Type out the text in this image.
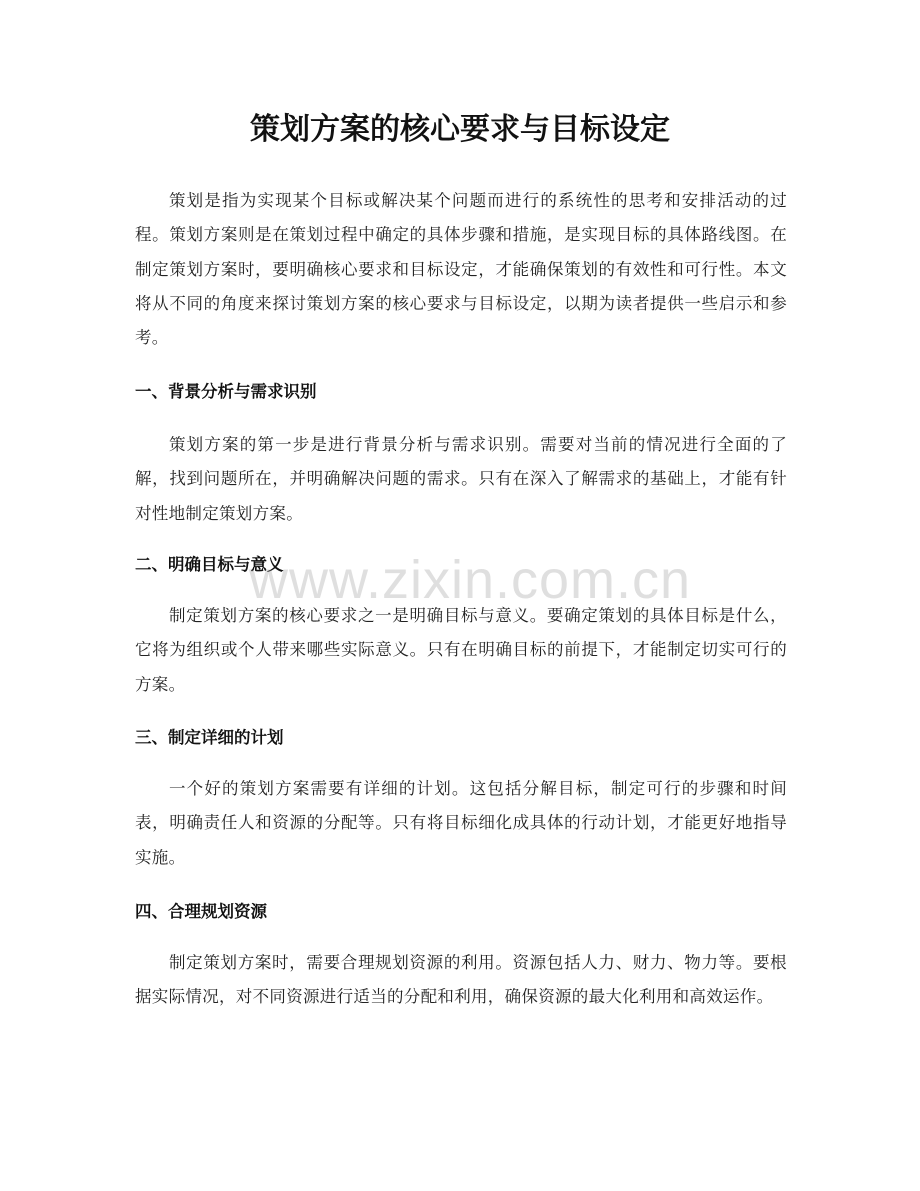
策划方案的核心要求与目标设定

策划是指为实现某个目标或解决某个问题而进行的系统性的思考和安排活动的过程。策划方案则是在策划过程中确定的具体步骤和措施，是实现目标的具体路线图。在制定策划方案时，要明确核心要求和目标设定，才能确保策划的有效性和可行性。本文将从不同的角度来探讨策划方案的核心要求与目标设定，以期为读者提供一些启示和参考。

一、背景分析与需求识别

策划方案的第一步是进行背景分析与需求识别。需要对当前的情况进行全面的了解，找到问题所在，并明确解决问题的需求。只有在深入了解需求的基础上，才能有针对性地制定策划方案。

二、明确目标与意义

制定策划方案的核心要求之一是明确目标与意义。要确定策划的具体目标是什么，它将为组织或个人带来哪些实际意义。只有在明确目标的前提下，才能制定切实可行的方案。

三、制定详细的计划

一个好的策划方案需要有详细的计划。这包括分解目标，制定可行的步骤和时间表，明确责任人和资源的分配等。只有将目标细化成具体的行动计划，才能更好地指导实施。

四、合理规划资源

制定策划方案时，需要合理规划资源的利用。资源包括人力、财力、物力等。要根据实际情况，对不同资源进行适当的分配和利用，确保资源的最大化利用和高效运作。

www.zixin.com.cn
